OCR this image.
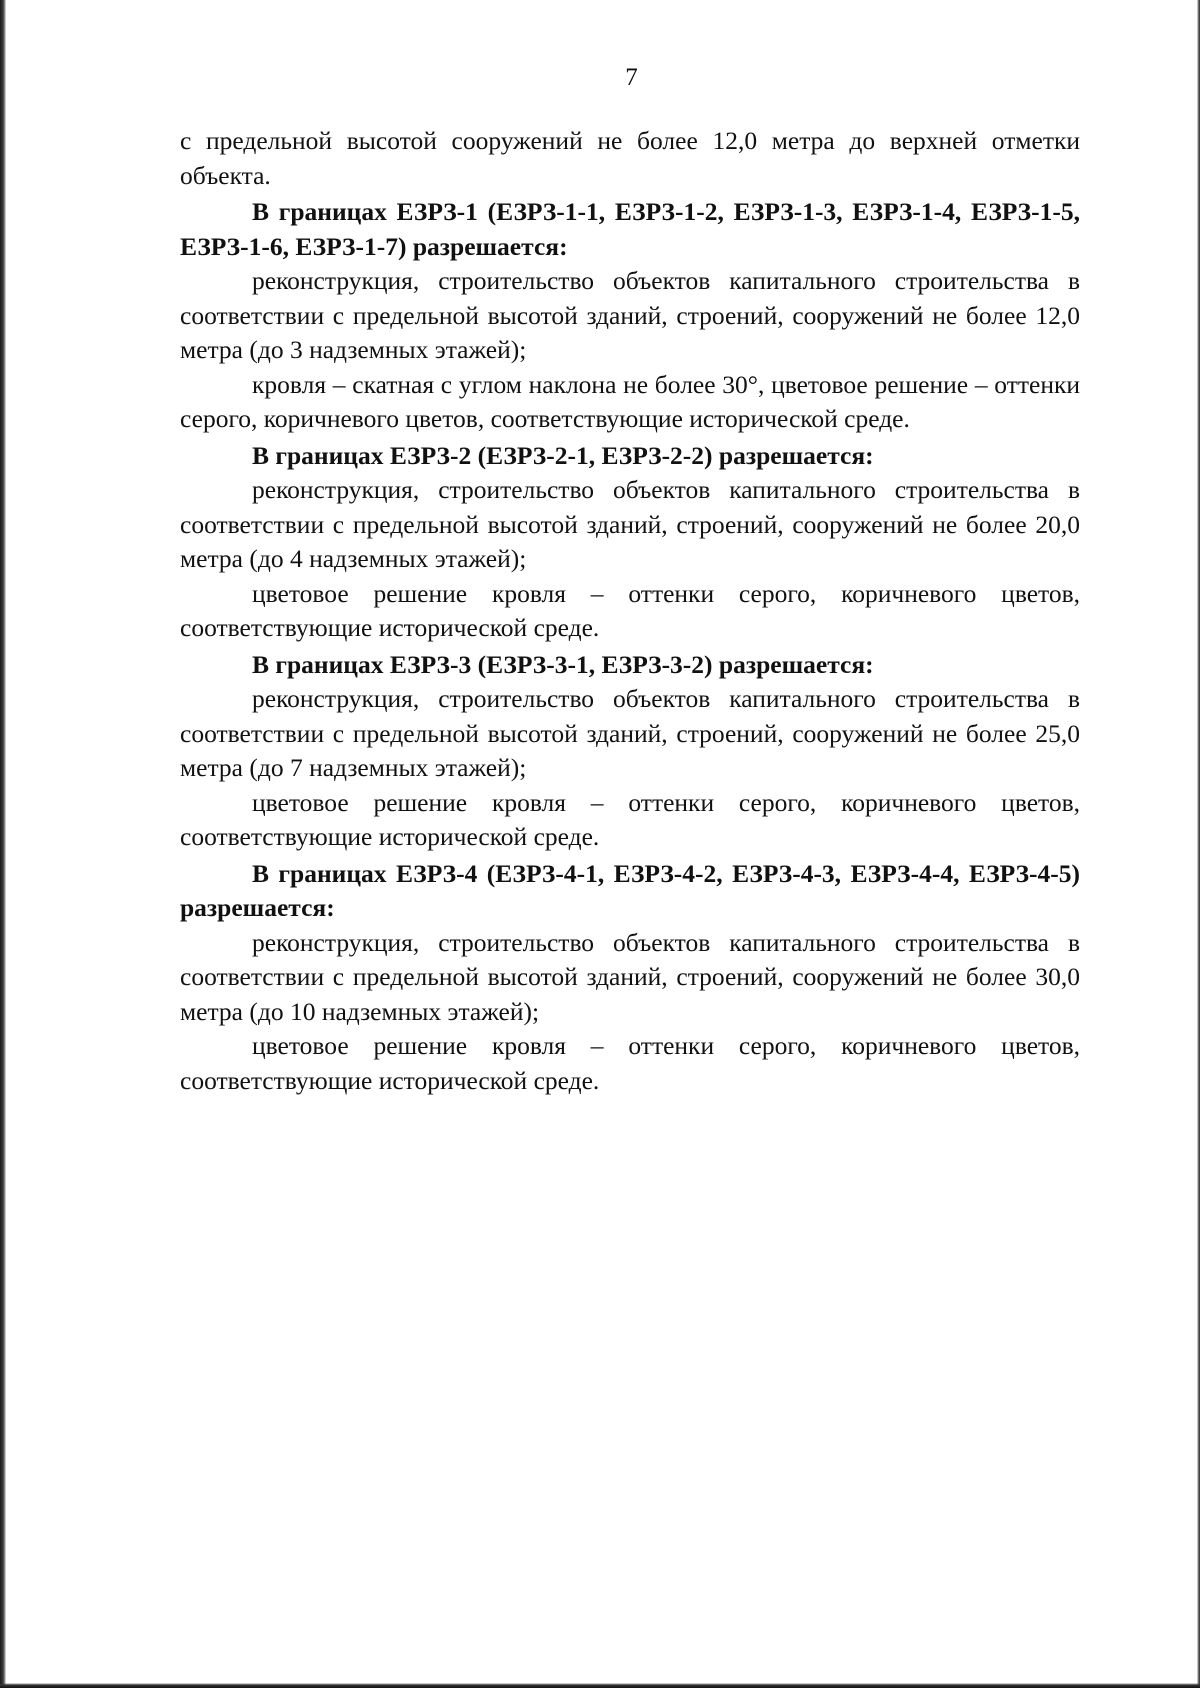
7

с предельной высотой сооружений не более 12,0 метра до верхней отметки объекта.

В границах ЕЗРЗ-1 (ЕЗРЗ-1-1, ЕЗРЗ-1-2, ЕЗРЗ-1-3, ЕЗРЗ-1-4, ЕЗРЗ-1-5, ЕЗРЗ-1-6, ЕЗРЗ-1-7) разрешается:

реконструкция, строительство объектов капитального строительства в соответствии с предельной высотой зданий, строений, сооружений не более 12,0 метра (до 3 надземных этажей);

кровля – скатная с углом наклона не более 30°, цветовое решение – оттенки серого, коричневого цветов, соответствующие исторической среде.

В границах ЕЗРЗ-2 (ЕЗРЗ-2-1, ЕЗРЗ-2-2) разрешается:

реконструкция, строительство объектов капитального строительства в соответствии с предельной высотой зданий, строений, сооружений не более 20,0 метра (до 4 надземных этажей);

цветовое решение кровля – оттенки серого, коричневого цветов, соответствующие исторической среде.

В границах ЕЗРЗ-3 (ЕЗРЗ-3-1, ЕЗРЗ-3-2) разрешается:

реконструкция, строительство объектов капитального строительства в соответствии с предельной высотой зданий, строений, сооружений не более 25,0 метра (до 7 надземных этажей);

цветовое решение кровля – оттенки серого, коричневого цветов, соответствующие исторической среде.

В границах ЕЗРЗ-4 (ЕЗРЗ-4-1, ЕЗРЗ-4-2, ЕЗРЗ-4-3, ЕЗРЗ-4-4, ЕЗРЗ-4-5) разрешается:

реконструкция, строительство объектов капитального строительства в соответствии с предельной высотой зданий, строений, сооружений не более 30,0 метра (до 10 надземных этажей);

цветовое решение кровля – оттенки серого, коричневого цветов, соответствующие исторической среде.
